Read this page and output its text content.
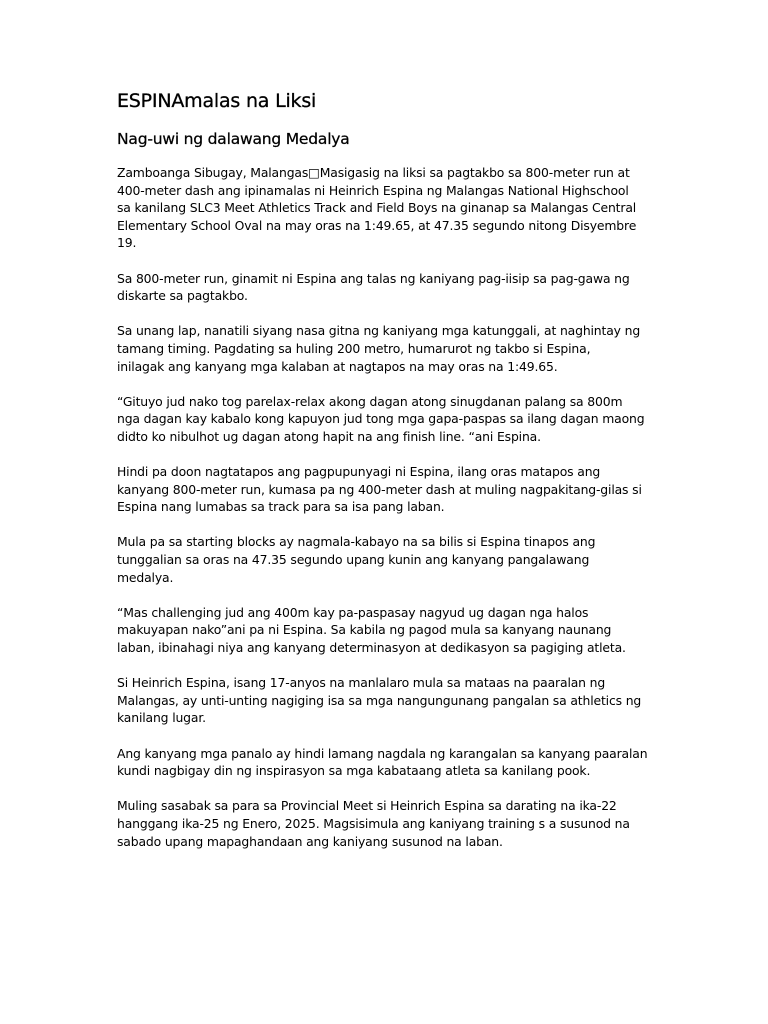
ESPINAmalas na Liksi
Nag-uwi ng dalawang Medalya

Zamboanga Sibugay, Malangas□Masigasig na liksi sa pagtakbo sa 800-meter run at
400-meter dash ang ipinamalas ni Heinrich Espina ng Malangas National Highschool
sa kanilang SLC3 Meet Athletics Track and Field Boys na ginanap sa Malangas Central
Elementary School Oval na may oras na 1:49.65, at 47.35 segundo nitong Disyembre
19.

Sa 800-meter run, ginamit ni Espina ang talas ng kaniyang pag-iisip sa pag-gawa ng
diskarte sa pagtakbo.

Sa unang lap, nanatili siyang nasa gitna ng kaniyang mga katunggali, at naghintay ng
tamang timing. Pagdating sa huling 200 metro, humarurot ng takbo si Espina,
inilagak ang kanyang mga kalaban at nagtapos na may oras na 1:49.65.

“Gituyo jud nako tog parelax-relax akong dagan atong sinugdanan palang sa 800m
nga dagan kay kabalo kong kapuyon jud tong mga gapa-paspas sa ilang dagan maong
didto ko nibulhot ug dagan atong hapit na ang finish line. “ani Espina.

Hindi pa doon nagtatapos ang pagpupunyagi ni Espina, ilang oras matapos ang
kanyang 800-meter run, kumasa pa ng 400-meter dash at muling nagpakitang-gilas si
Espina nang lumabas sa track para sa isa pang laban.

Mula pa sa starting blocks ay nagmala-kabayo na sa bilis si Espina tinapos ang
tunggalian sa oras na 47.35 segundo upang kunin ang kanyang pangalawang
medalya.

“Mas challenging jud ang 400m kay pa-paspasay nagyud ug dagan nga halos
makuyapan nako”ani pa ni Espina. Sa kabila ng pagod mula sa kanyang naunang
laban, ibinahagi niya ang kanyang determinasyon at dedikasyon sa pagiging atleta.

Si Heinrich Espina, isang 17-anyos na manlalaro mula sa mataas na paaralan ng
Malangas, ay unti-unting nagiging isa sa mga nangungunang pangalan sa athletics ng
kanilang lugar.

Ang kanyang mga panalo ay hindi lamang nagdala ng karangalan sa kanyang paaralan
kundi nagbigay din ng inspirasyon sa mga kabataang atleta sa kanilang pook.

Muling sasabak sa para sa Provincial Meet si Heinrich Espina sa darating na ika-22
hanggang ika-25 ng Enero, 2025. Magsisimula ang kaniyang training s a susunod na
sabado upang mapaghandaan ang kaniyang susunod na laban.
